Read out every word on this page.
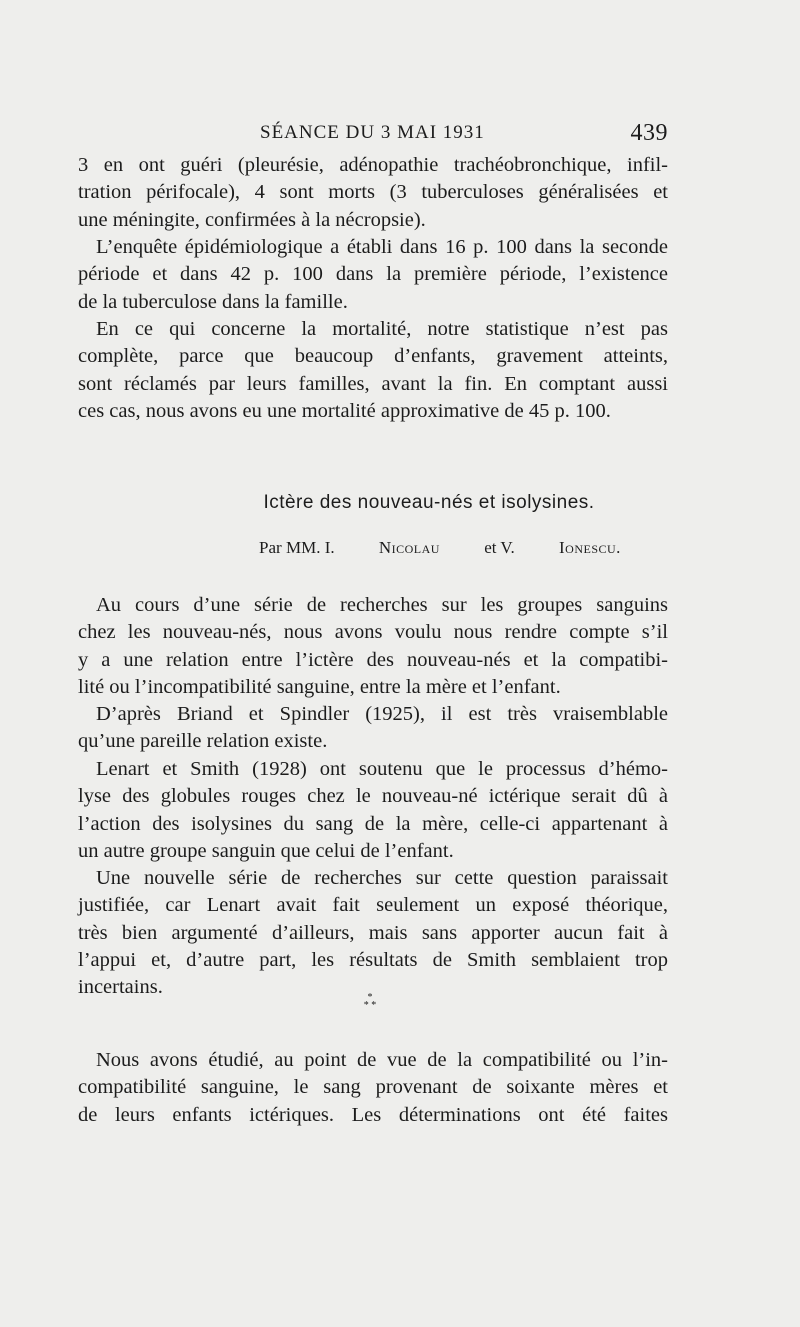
SÉANCE DU 3 MAI 1931	439
3 en ont guéri (pleurésie, adénopathie trachéobronchique, infil-
tration périfocale), 4 sont morts (3 tuberculoses généralisées et
une méningite, confirmées à la nécropsie).
L’enquête épidémiologique a établi dans 16 p. 100 dans la seconde
période et dans 42 p. 100 dans la première période, l’existence
de la tuberculose dans la famille.
En ce qui concerne la mortalité, notre statistique n’est pas
complète, parce que beaucoup d’enfants, gravement atteints,
sont réclamés par leurs familles, avant la fin. En comptant aussi
ces cas, nous avons eu une mortalité approximative de 45 p. 100.
Ictère des nouveau-nés et isolysines.
Par MM. I. Nicolau et V. Ionescu.
Au cours d’une série de recherches sur les groupes sanguins
chez les nouveau-nés, nous avons voulu nous rendre compte s’il
y a une relation entre l’ictère des nouveau-nés et la compatibi-
lité ou l’incompatibilité sanguine, entre la mère et l’enfant.
D’après Briand et Spindler (1925), il est très vraisemblable
qu’une pareille relation existe.
Lenart et Smith (1928) ont soutenu que le processus d’hémo-
lyse des globules rouges chez le nouveau-né ictérique serait dû à
l’action des isolysines du sang de la mère, celle-ci appartenant à
un autre groupe sanguin que celui de l’enfant.
Une nouvelle série de recherches sur cette question paraissait
justifiée, car Lenart avait fait seulement un exposé théorique,
très bien argumenté d’ailleurs, mais sans apporter aucun fait à
l’appui et, d’autre part, les résultats de Smith semblaient trop
incertains.	*
* *
Nous avons étudié, au point de vue de la compatibilité ou l’in-
compatibilité sanguine, le sang provenant de soixante mères et
de leurs enfants ictériques. Les déterminations ont été faites
